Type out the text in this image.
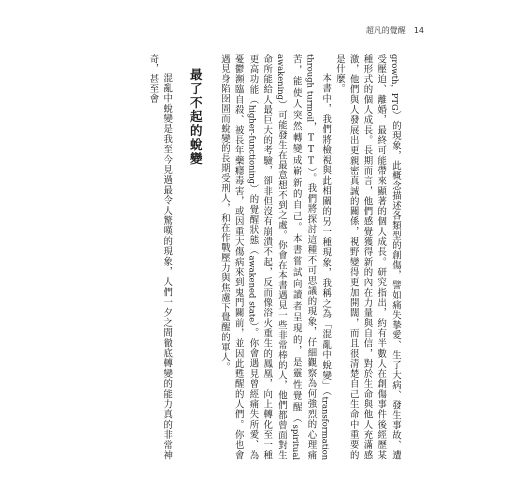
超凡的覺醒 14

growth，PTG）的現象，此概念描述各類型的創傷，譬如痛失摯愛、生了大病、發生事故、遭受壓迫、離婚，最終可能帶來顯著的個人成長。研究指出，約有半數人在創傷事件後經歷某種形式的個人成長。長期而言，他們感覺獲得新的內在力量與自信，對於生命與他人充滿感激，他們與人發展出更親密真誠的關係，視野變得更加開闊，而且很清楚自己生命中重要的是什麼。

本書中，我們將檢視與此相關的另一種現象，我稱之為「混亂中蛻變」（transformation through turmoil，TTT）。我們將探討這種不可思議的現象，仔細觀察為何強烈的心理痛苦，能使人突然轉變成嶄新的自己。本書嘗試向讀者呈現的，是靈性覺醒（spiritual awakening）可能發生在最意想不到之處。你會在本書遇見一些非常棒的人，他們都曾面對生命所能給人最巨大的考驗，卻非但沒有崩潰不起，反而像浴火重生的鳳凰，向上轉化至一種更高功能（higher-functioning）的覺醒狀態（awakened state）。你會遇見曾經痛失所愛、為憂鬱瀕臨自殺、被長年藥癮毒害，或因重大傷病來到鬼門關前，並因此甦醒的人們。你也會遇見身陷囹圄而蛻變的長期受刑人，和在作戰壓力與焦慮下覺醒的軍人。

最了不起的蛻變

混亂中蛻變是我至今見過最令人驚嘆的現象，人們一夕之間徹底轉變的能力真的非常神奇，甚至會
